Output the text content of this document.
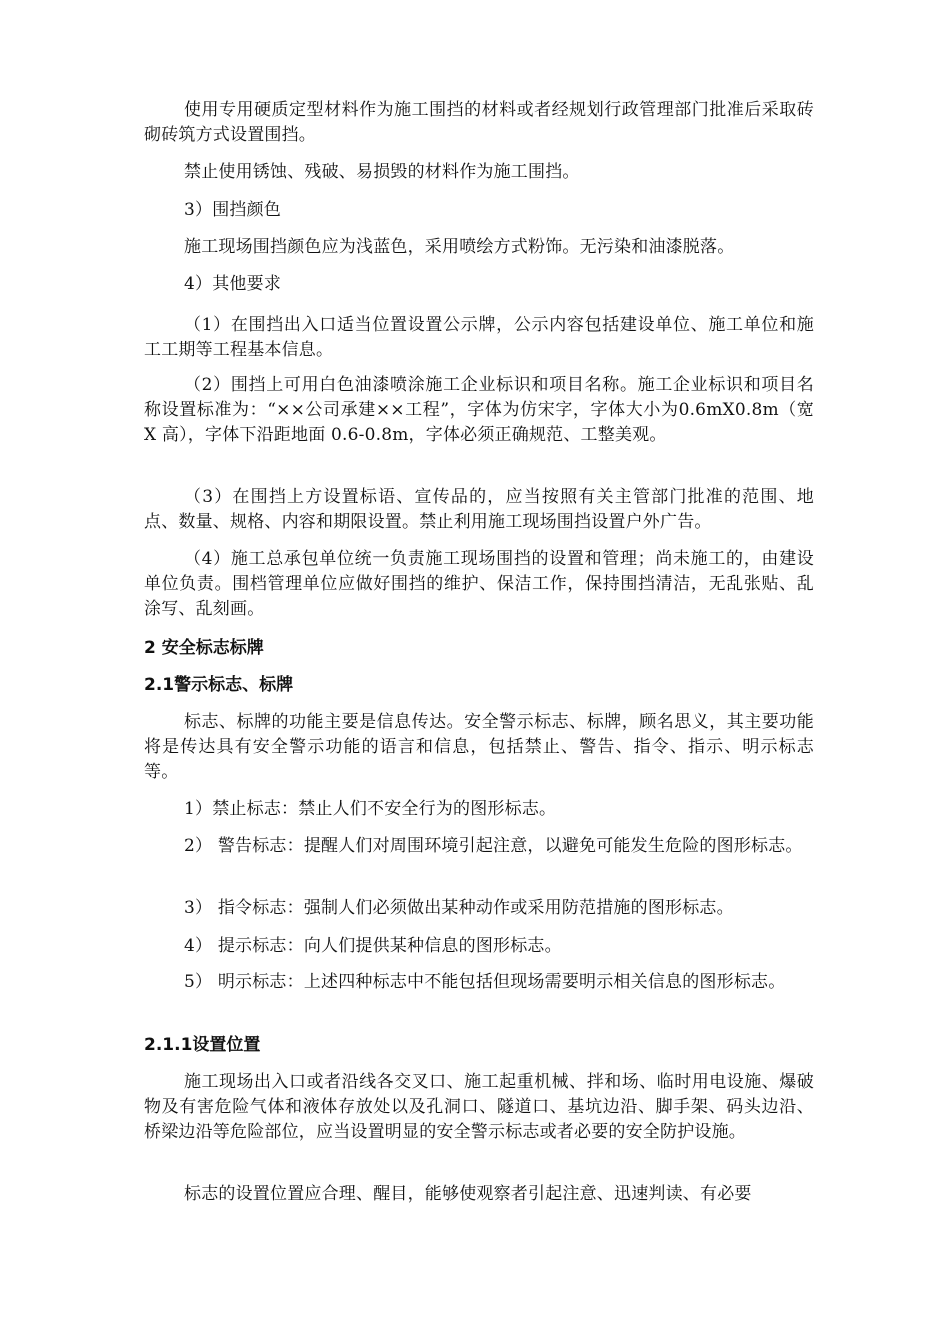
使用专用硬质定型材料作为施工围挡的材料或者经规划行政管理部门批准后采取砖砌砖筑方式设置围挡。

禁止使用锈蚀、残破、易损毁的材料作为施工围挡。

3）围挡颜色

施工现场围挡颜色应为浅蓝色，采用喷绘方式粉饰。无污染和油漆脱落。

4）其他要求

（1）在围挡出入口适当位置设置公示牌，公示内容包括建设单位、施工单位和施工工期等工程基本信息。

（2）围挡上可用白色油漆喷涂施工企业标识和项目名称。施工企业标识和项目名称设置标准为：“××公司承建××工程”，字体为仿宋字，字体大小为0.6mX0.8m（宽 X 高），字体下沿距地面 0.6-0.8m，字体必须正确规范、工整美观。

（3）在围挡上方设置标语、宣传品的，应当按照有关主管部门批准的范围、地点、数量、规格、内容和期限设置。禁止利用施工现场围挡设置户外广告。

（4）施工总承包单位统一负责施工现场围挡的设置和管理；尚未施工的，由建设单位负责。围档管理单位应做好围挡的维护、保洁工作，保持围挡清洁，无乱张贴、乱涂写、乱刻画。

2 安全标志标牌

2.1警示标志、标牌

标志、标牌的功能主要是信息传达。安全警示标志、标牌，顾名思义，其主要功能将是传达具有安全警示功能的语言和信息，包括禁止、警告、指令、指示、明示标志等。

1）禁止标志：禁止人们不安全行为的图形标志。

2） 警告标志：提醒人们对周围环境引起注意，以避免可能发生危险的图形标志。

3） 指令标志：强制人们必须做出某种动作或采用防范措施的图形标志。

4） 提示标志：向人们提供某种信息的图形标志。

5） 明示标志：上述四种标志中不能包括但现场需要明示相关信息的图形标志。

2.1.1设置位置

施工现场出入口或者沿线各交叉口、施工起重机械、拌和场、临时用电设施、爆破物及有害危险气体和液体存放处以及孔洞口、隧道口、基坑边沿、脚手架、码头边沿、桥梁边沿等危险部位，应当设置明显的安全警示标志或者必要的安全防护设施。

标志的设置位置应合理、醒目，能够使观察者引起注意、迅速判读、有必要
